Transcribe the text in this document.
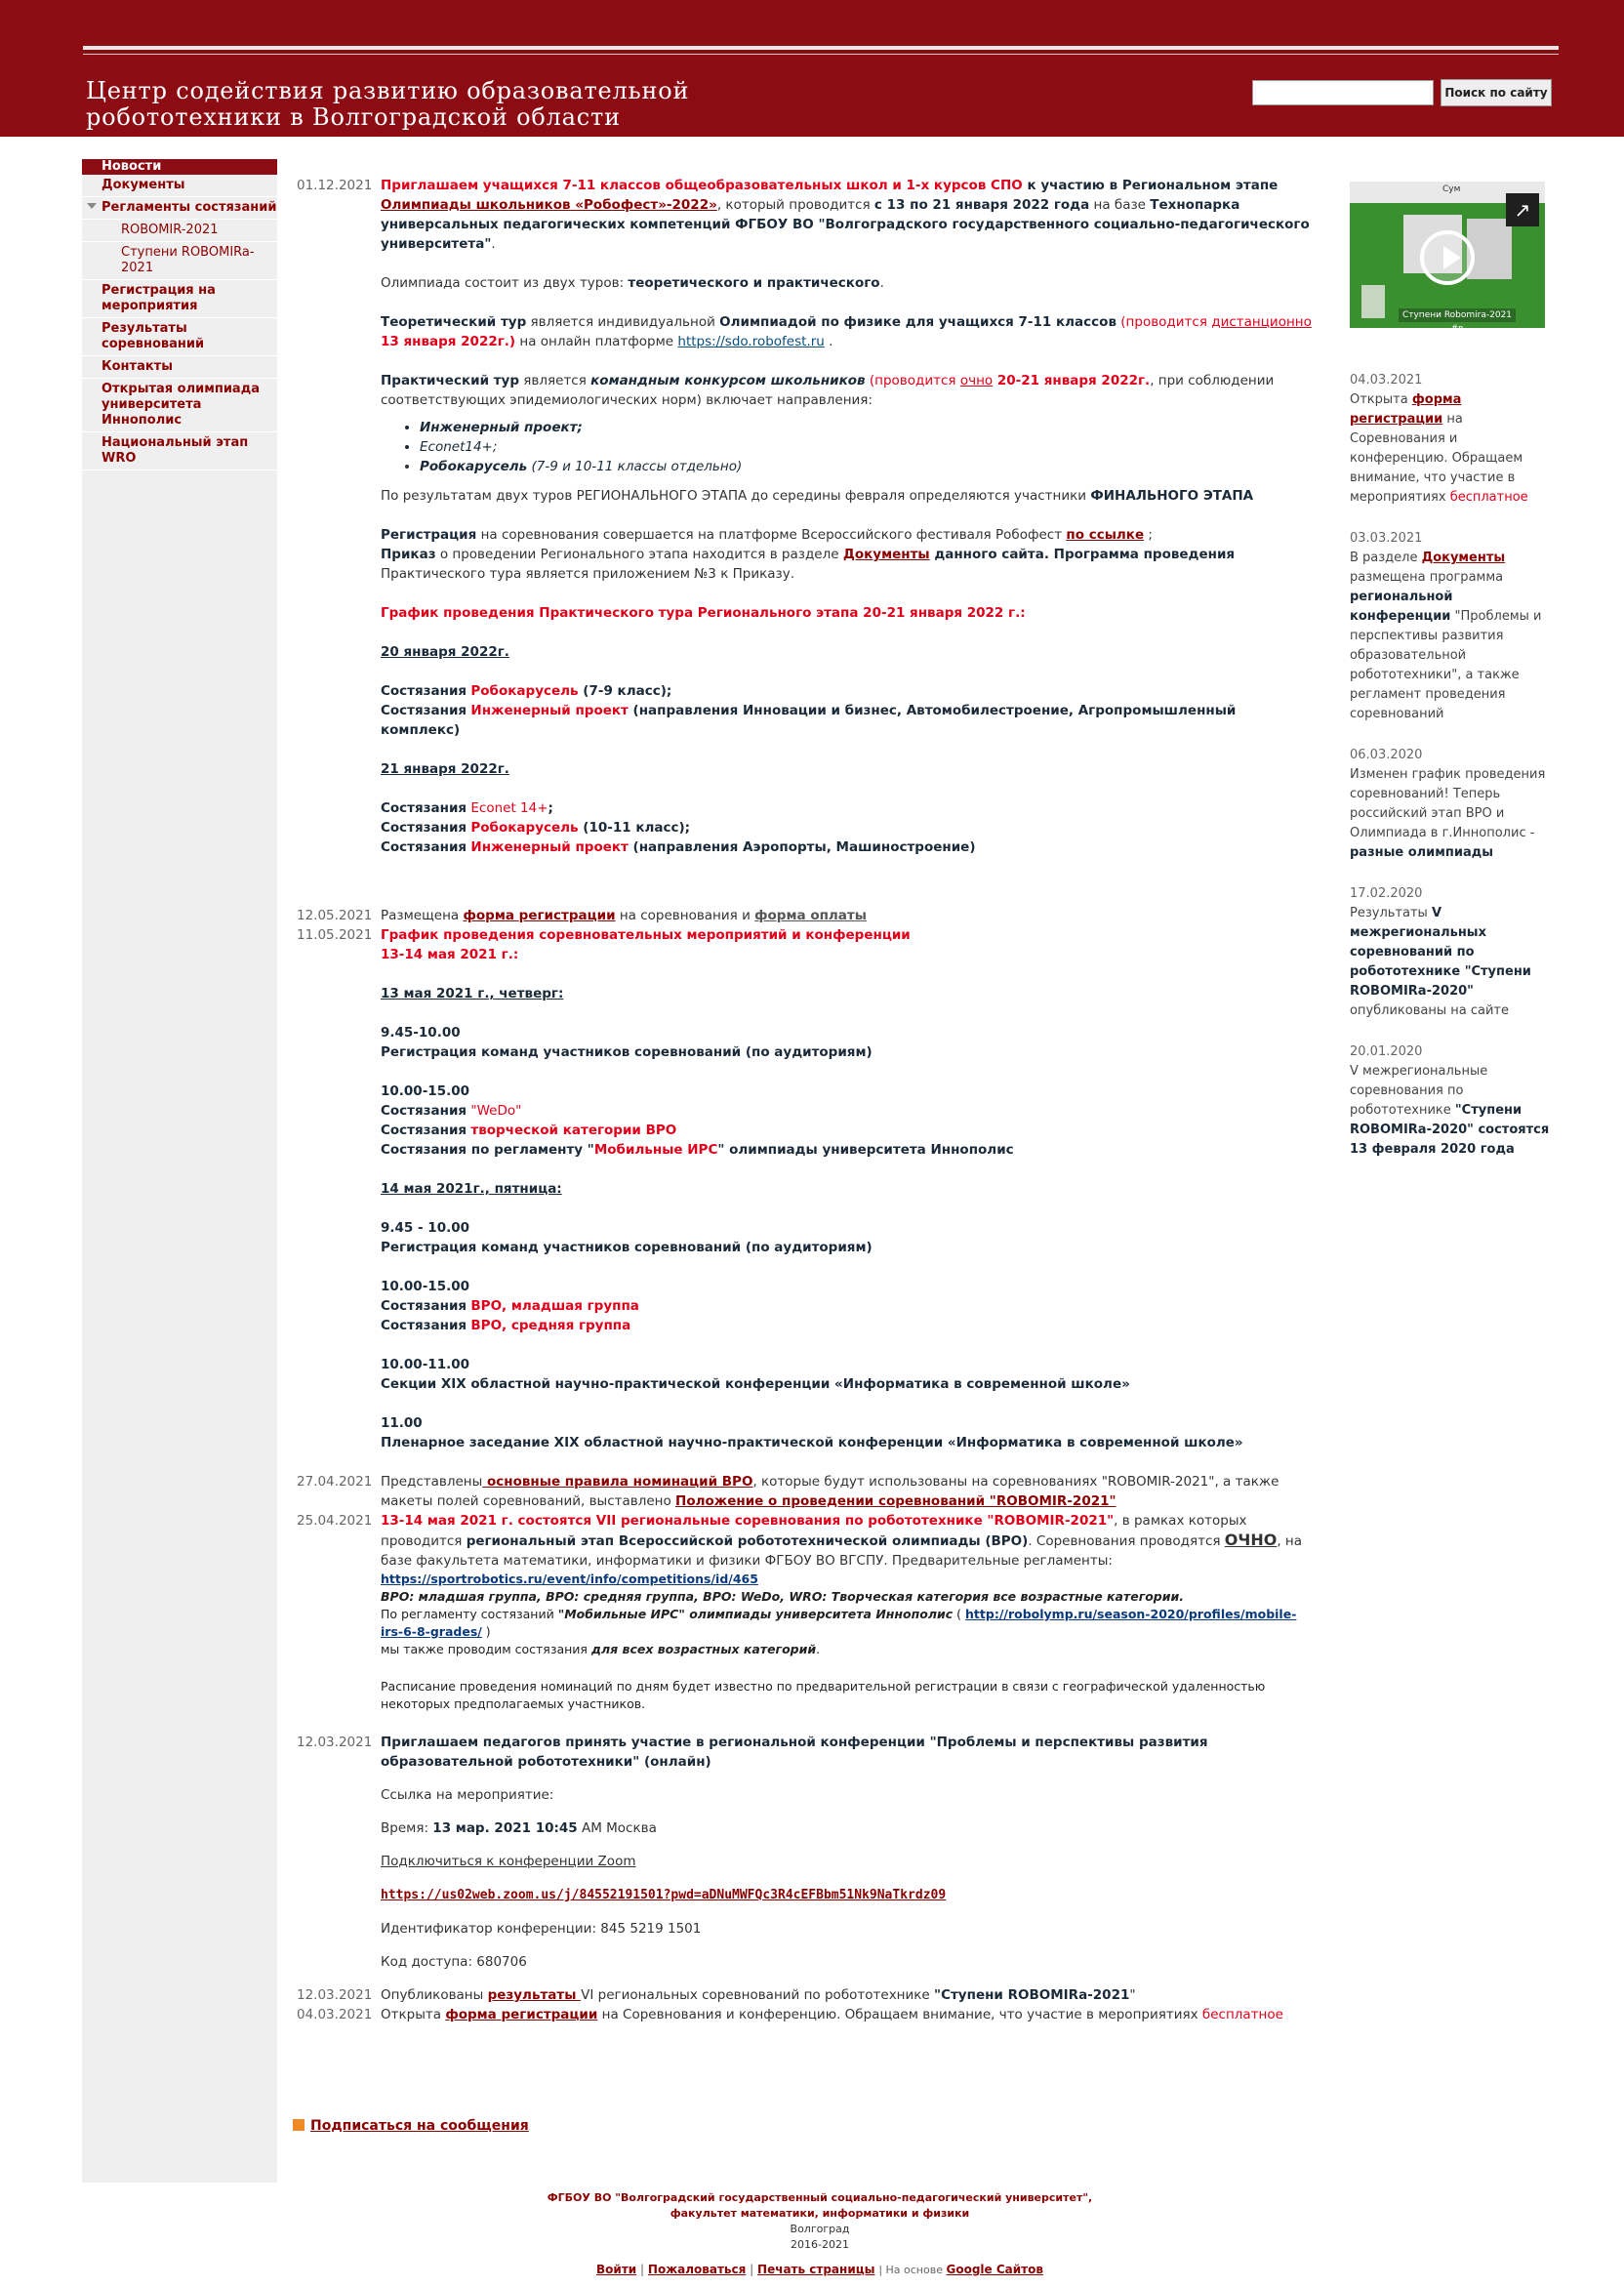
Центр содействия развитию образовательной
робототехники в Волгоградской области
Поиск по сайту
Новости
Документы
Регламенты состязаний
ROBOMIR-2021
Ступени ROBOMIRa-2021
Регистрация на мероприятия
Результаты соревнований
Контакты
Открытая олимпиада университета Иннополис
Национальный этап WRO
01.12.2021 Приглашаем учащихся 7-11 классов общеобразовательных школ и 1-х курсов СПО к участию в Региональном этапе Олимпиады школьников «Робофест»-2022», который проводится с 13 по 21 января 2022 года на базе Технопарка универсальных педагогических компетенций ФГБОУ ВО "Волгоградского государственного социально-педагогического университета".

Олимпиада состоит из двух туров: теоретического и практического.

Теоретический тур является индивидуальной Олимпиадой по физике для учащихся 7-11 классов (проводится дистанционно 13 января 2022г.) на онлайн платформе https://sdo.robofest.ru .

Практический тур является командным конкурсом школьников (проводится очно 20-21 января 2022г., при соблюдении соответствующих эпидемиологических норм) включает направления:

• Инженерный проект;
• Econet14+;
• Робокарусель (7-9 и 10-11 классы отдельно)

По результатам двух туров РЕГИОНАЛЬНОГО ЭТАПА до середины февраля определяются участники ФИНАЛЬНОГО ЭТАПА

Регистрация на соревнования совершается на платформе Всероссийского фестиваля Робофест по ссылке ;
Приказ о проведении Регионального этапа находится в разделе Документы данного сайта. Программа проведения Практического тура является приложением №3 к Приказу.

График проведения Практического тура Регионального этапа 20-21 января 2022 г.:

20 января 2022г.

Состязания Робокарусель (7-9 класс);

Состязания Инженерный проект (направления Инновации и бизнес, Автомобилестроение, Агропромышленный комплекс)

21 января 2022г.

Состязания Econet 14+;

Состязания Робокарусель (10-11 класс);

Состязания Инженерный проект (направления Аэропорты, Машиностроение)

12.05.2021 Размещена форма регистрации на соревнования и форма оплаты

11.05.2021 График проведения соревновательных мероприятий и конференции

13-14 мая 2021 г.:

13 мая 2021 г., четверг:

9.45-10.00

Регистрация команд участников соревнований (по аудиториям)

10.00-15.00

Состязания "WeDo"

Состязания творческой категории ВРО

Состязания по регламенту "Мобильные ИРС" олимпиады университета Иннополис

14 мая 2021г., пятница:

9.45 - 10.00

Регистрация команд участников соревнований (по аудиториям)

10.00-15.00

Состязания ВРО, младшая группа

Состязания ВРО, средняя группа

10.00-11.00

Секции XIX областной научно-практической конференции «Информатика в современной школе»

11.00

Пленарное заседание XIX областной научно-практической конференции «Информатика в современной школе»

27.04.2021 Представлены основные правила номинаций ВРО, которые будут использованы на соревнованиях "ROBOMIR-2021", а также макеты полей соревнований, выставлено Положение о проведении соревнований "ROBOMIR-2021"

25.04.2021 13-14 мая 2021 г. состоятся VII региональные соревнования по робототехнике "ROBOMIR-2021", в рамках которых проводится региональный этап Всероссийской робототехнической олимпиады (ВРО). Соревнования проводятся ОЧНО, на базе факультета математики, информатики и физики ФГБОУ ВО ВГСПУ. Предварительные регламенты:

https://sportrobotics.ru/event/info/competitions/id/465

ВРО: младшая группа, ВРО: средняя группа, ВРО: WeDo, WRO: Творческая категория все возрастные категории.

По регламенту состязаний "Мобильные ИРС" олимпиады университета Иннополис ( http://robolymp.ru/season-2020/profiles/mobile-irs-6-8-grades/ )

мы также проводим состязания для всех возрастных категорий.

Расписание проведения номинаций по дням будет известно по предварительной регистрации в связи с географической удаленностью некоторых предполагаемых участников.

12.03.2021 Приглашаем педагогов принять участие в региональной конференции "Проблемы и перспективы развития образовательной робототехники" (онлайн)

Ссылка на мероприятие:

Время: 13 мар. 2021 10:45 AM Москва

Подключиться к конференции Zoom

https://us02web.zoom.us/j/84552191501?pwd=aDNuMWFQc3R4cEFBbm51Nk9NaTkrdz09

Идентификатор конференции: 845 5219 1501

Код доступа: 680706

12.03.2021 Опубликованы результаты VI региональных соревнований по робототехнике "Ступени ROBOMIRa-2021"

04.03.2021 Открыта форма регистрации на Соревнования и конференцию. Обращаем внимание, что участие в мероприятиях бесплатное

Сум
↗
Ступени Robomira-2021 #в
04.03.2021
Открыта форма регистрации на Соревнования и конференцию. Обращаем внимание, что участие в мероприятиях бесплатное
03.03.2021
В разделе Документы размещена программа региональной конференции "Проблемы и перспективы развития образовательной робототехники", а также регламент проведения соревнований
06.03.2020
Изменен график проведения соревнований! Теперь российский этап ВРО и Олимпиада в г.Иннополис - разные олимпиады
17.02.2020
Результаты V межрегиональных соревнований по робототехнике "Ступени ROBOMIRa-2020" опубликованы на сайте
20.01.2020
V межрегиональные соревнования по робототехнике "Ступени ROBOMIRa-2020" состоятся 13 февраля 2020 года
Подписаться на сообщения
ФГБОУ ВО "Волгоградский государственный социально-педагогический университет",
факультет математики, информатики и физики
Волгоград
2016-2021
Войти | Пожаловаться | Печать страницы | На основе Google Сайтов
